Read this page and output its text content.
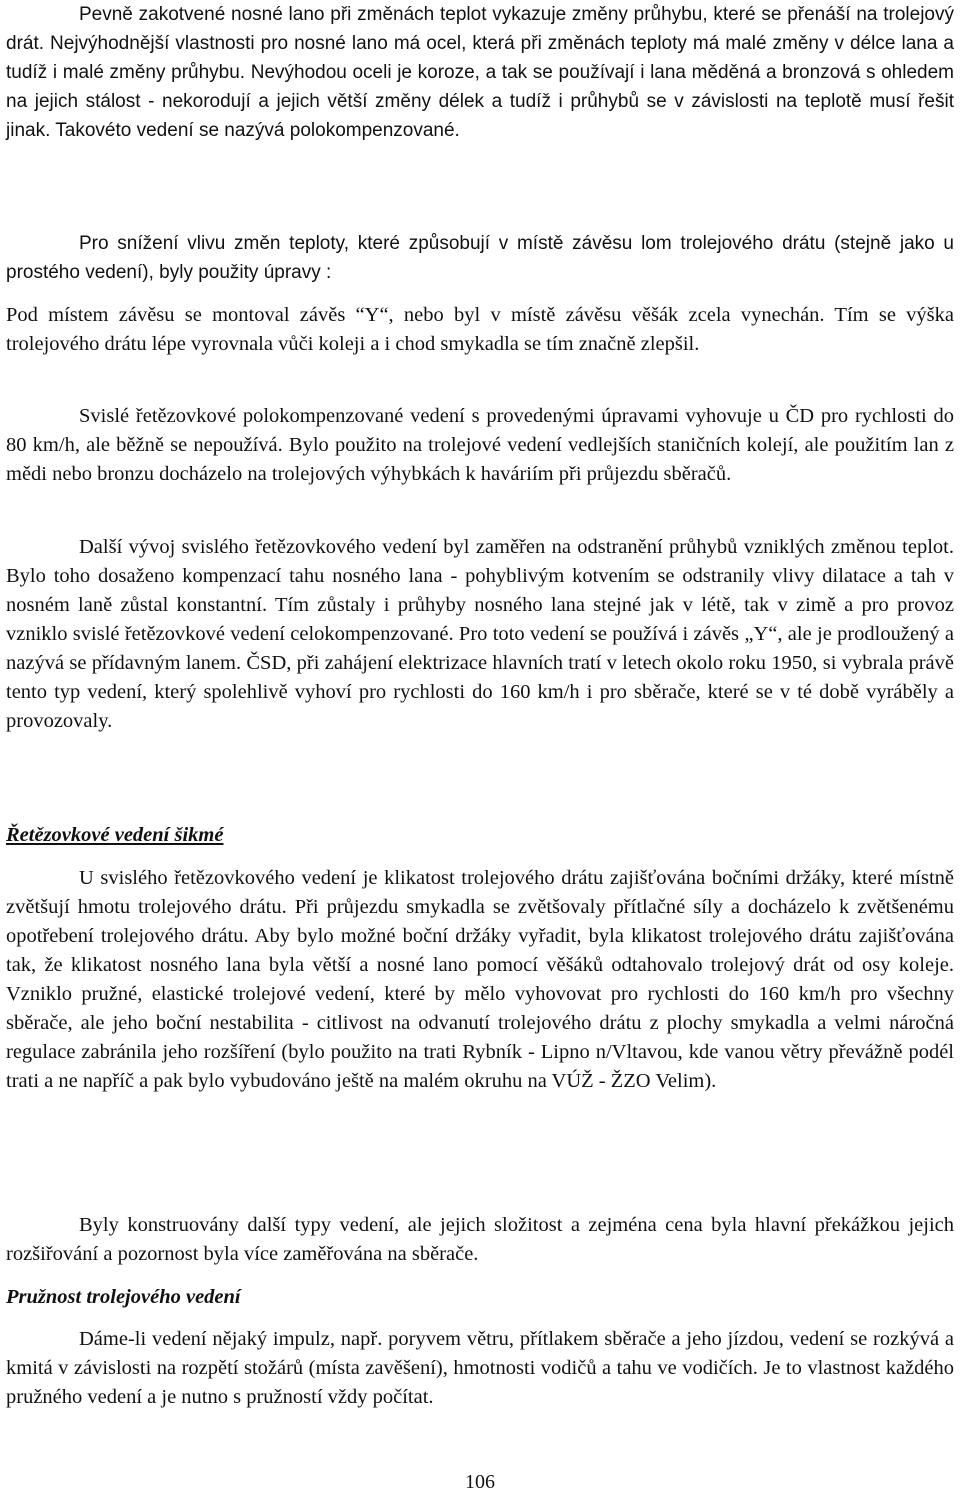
Pevně zakotvené nosné lano při změnách teplot vykazuje změny průhybu, které se přenáší na trolejový drát. Nejvýhodnější vlastnosti pro nosné lano má ocel, která při změnách teploty má malé změny v délce lana a tudíž i malé změny průhybu. Nevýhodou oceli je koroze, a tak se používají i lana měděná a bronzová s ohledem na jejich stálost - nekorodují a jejich větší změny délek a tudíž i průhybů se v závislosti na teplotě musí řešit jinak. Takovéto vedení se nazývá polokompenzované.

Pro snížení vlivu změn teploty, které způsobují v místě závěsu lom trolejového drátu (stejně jako u prostého vedení), byly použity úpravy :

Pod místem závěsu se montoval závěs “Y“, nebo byl v místě závěsu věšák zcela vynechán. Tím se výška trolejového drátu lépe vyrovnala vůči koleji a i chod smykadla se tím značně zlepšil.

Svislé řetězovkové polokompenzované vedení s provedenými úpravami vyhovuje u ČD pro rychlosti do 80 km/h, ale běžně se nepoužívá. Bylo použito na trolejové vedení vedlejších staničních kolejí, ale použitím lan z mědi nebo bronzu docházelo na trolejových výhybkách k haváriím při průjezdu sběračů.

Další vývoj svislého řetězovkového vedení byl zaměřen na odstranění průhybů vzniklých změnou teplot. Bylo toho dosaženo kompenzací tahu nosného lana - pohyblivým kotvením se odstranily vlivy dilatace a tah v nosném laně zůstal konstantní. Tím zůstaly i průhyby nosného lana stejné jak v létě, tak v zimě a pro provoz vzniklo svislé řetězovkové vedení celokompenzované. Pro toto vedení se používá i závěs „Y“, ale je prodloužený a nazývá se přídavným lanem. ČSD, při zahájení elektrizace hlavních tratí v letech okolo roku 1950, si vybrala právě tento typ vedení, který spolehlivě vyhoví pro rychlosti do 160 km/h i pro sběrače, které se v té době vyráběly a provozovaly.

Řetězovkové vedení šikmé

U svislého řetězovkového vedení je klikatost trolejového drátu zajišťována bočními držáky, které místně zvětšují hmotu trolejového drátu. Při průjezdu smykadla se zvětšovaly přítlačné síly a docházelo k zvětšenému opotřebení trolejového drátu. Aby bylo možné boční držáky vyřadit, byla klikatost trolejového drátu zajišťována tak, že klikatost nosného lana byla větší a nosné lano pomocí věšáků odtahovalo trolejový drát od osy koleje. Vzniklo pružné, elastické trolejové vedení, které by mělo vyhovovat pro rychlosti do 160 km/h pro všechny sběrače, ale jeho boční nestabilita - citlivost na odvanutí trolejového drátu z plochy smykadla a velmi náročná regulace zabránila jeho rozšíření (bylo použito na trati Rybník - Lipno n/Vltavou, kde vanou větry převážně podél trati a ne napříč a pak bylo vybudováno ještě na malém okruhu na VÚŽ - ŽZO Velim).

Byly konstruovány další typy vedení, ale jejich složitost a zejména cena byla hlavní překážkou jejich rozšiřování a pozornost byla více zaměřována na sběrače.

Pružnost trolejového vedení

Dáme-li vedení nějaký impulz, např. poryvem větru, přítlakem sběrače a jeho jízdou, vedení se rozkývá a kmitá v závislosti na rozpětí stožárů (místa zavěšení), hmotnosti vodičů a tahu ve vodičích. Je to vlastnost každého pružného vedení a je nutno s pružností vždy počítat.

106
